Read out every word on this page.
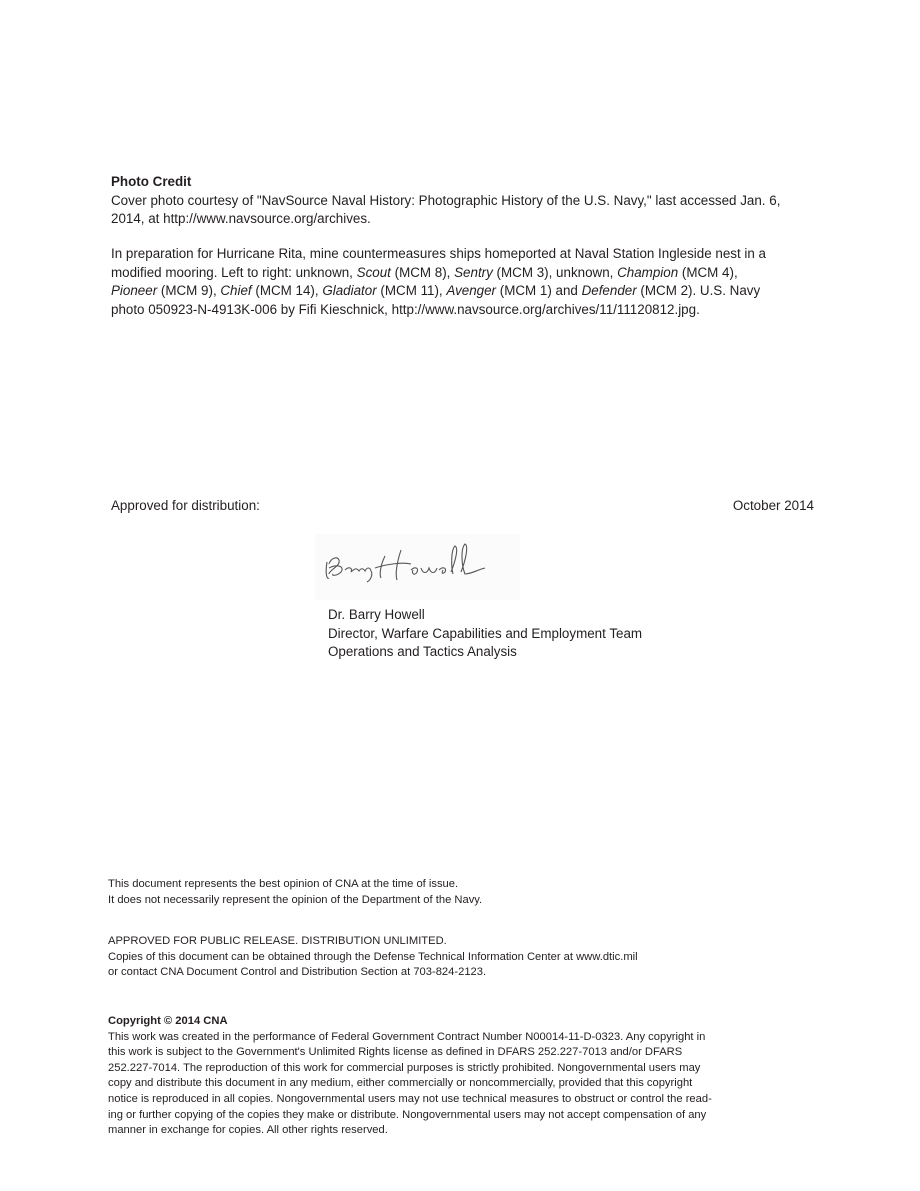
Photo Credit

Cover photo courtesy of "NavSource Naval History: Photographic History of the U.S. Navy," last accessed Jan. 6,

2014, at http://www.navsource.org/archives.

In preparation for Hurricane Rita, mine countermeasures ships homeported at Naval Station Ingleside nest in a

modified mooring. Left to right: unknown, Scout (MCM 8), Sentry (MCM 3), unknown, Champion (MCM 4),

Pioneer (MCM 9), Chief (MCM 14), Gladiator (MCM 11), Avenger (MCM 1) and Defender (MCM 2). U.S. Navy

photo 050923-N-4913K-006 by Fifi Kieschnick, http://www.navsource.org/archives/11/11120812.jpg.

Approved for distribution:	October 2014

Dr. Barry Howell

Director, Warfare Capabilities and Employment Team

Operations and Tactics Analysis

This document represents the best opinion of CNA at the time of issue.

It does not necessarily represent the opinion of the Department of the Navy.

APPROVED FOR PUBLIC RELEASE. DISTRIBUTION UNLIMITED.

Copies of this document can be obtained through the Defense Technical Information Center at www.dtic.mil

or contact CNA Document Control and Distribution Section at 703-824-2123.

Copyright © 2014 CNA

This work was created in the performance of Federal Government Contract Number N00014-11-D-0323. Any copyright in

this work is subject to the Government's Unlimited Rights license as defined in DFARS 252.227-7013 and/or DFARS

252.227-7014. The reproduction of this work for commercial purposes is strictly prohibited. Nongovernmental users may

copy and distribute this document in any medium, either commercially or noncommercially, provided that this copyright

notice is reproduced in all copies. Nongovernmental users may not use technical measures to obstruct or control the read-

ing or further copying of the copies they make or distribute. Nongovernmental users may not accept compensation of any

manner in exchange for copies. All other rights reserved.
